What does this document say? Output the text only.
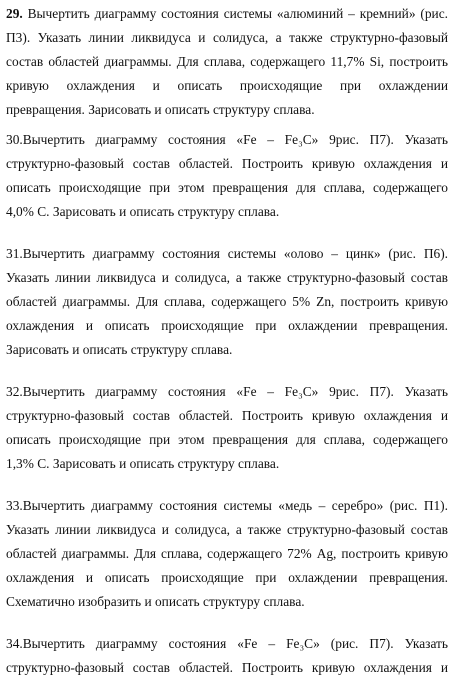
29. Вычертить диаграмму состояния системы «алюминий – кремний» (рис.
П3). Указать линии ликвидуса и солидуса, а также структурно-фазовый
состав областей диаграммы. Для сплава, содержащего 11,7% Si, построить
кривую охлаждения и описать происходящие при охлаждении
превращения. Зарисовать и описать структуру сплава.
30.Вычертить диаграмму состояния «Fe – Fe₃C» 9рис. П7). Указать
структурно-фазовый состав областей. Построить кривую охлаждения и
описать происходящие при этом превращения для сплава, содержащего
4,0% С. Зарисовать и описать структуру сплава.
31.Вычертить диаграмму состояния системы «олово – цинк» (рис. П6).
Указать линии ликвидуса и солидуса, а также структурно-фазовый состав
областей диаграммы. Для сплава, содержащего 5% Zn, построить кривую
охлаждения и описать происходящие при охлаждении превращения.
Зарисовать и описать структуру сплава.
32.Вычертить диаграмму состояния «Fe – Fe₃C» 9рис. П7). Указать
структурно-фазовый состав областей. Построить кривую охлаждения и
описать происходящие при этом превращения для сплава, содержащего
1,3% С. Зарисовать и описать структуру сплава.
33.Вычертить диаграмму состояния системы «медь – серебро» (рис. П1).
Указать линии ликвидуса и солидуса, а также структурно-фазовый состав
областей диаграммы. Для сплава, содержащего 72% Ag, построить кривую
охлаждения и описать происходящие при охлаждении превращения.
Схематично изобразить и описать структуру сплава.
34.Вычертить диаграмму состояния «Fe – Fe₃C» (рис. П7). Указать
структурно-фазовый состав областей. Построить кривую охлаждения и
